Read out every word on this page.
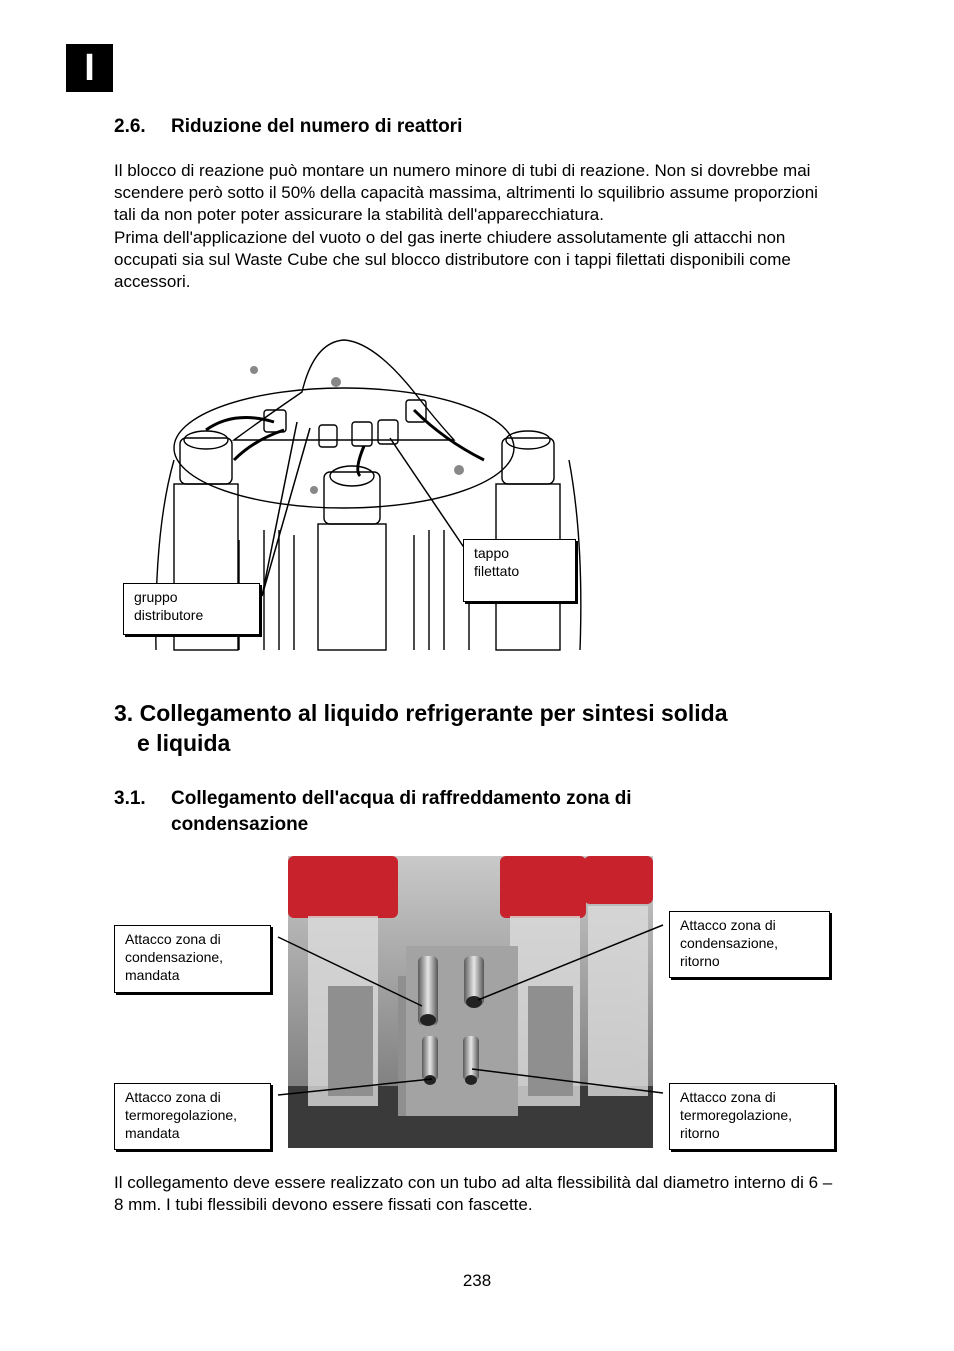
I
2.6. Riduzione del numero di reattori

Il blocco di reazione può montare un numero minore di tubi di reazione. Non si dovrebbe mai scendere però sotto il 50% della capacità massima, altrimenti lo squilibrio assume proporzioni tali da non poter poter assicurare la stabilità dell'apparecchiatura.

Prima dell'applicazione del vuoto o del gas inerte chiudere assolutamente gli attacchi non occupati sia sul Waste Cube che sul blocco distributore con i tappi filettati disponibili come accessori.

tappo
filettato
gruppo
distributore
3. Collegamento al liquido refrigerante per sintesi solida
e liquida
3.1. Collegamento dell'acqua di raffreddamento zona di condensazione
Attacco zona di
condensazione,
mandata
Attacco zona di
condensazione,
ritorno
Attacco zona di
termoregolazione,
mandata
Attacco zona di
termoregolazione,
ritorno

Il collegamento deve essere realizzato con un tubo ad alta flessibilità dal diametro interno di 6 – 8 mm. I tubi flessibili devono essere fissati con fascette.

238
